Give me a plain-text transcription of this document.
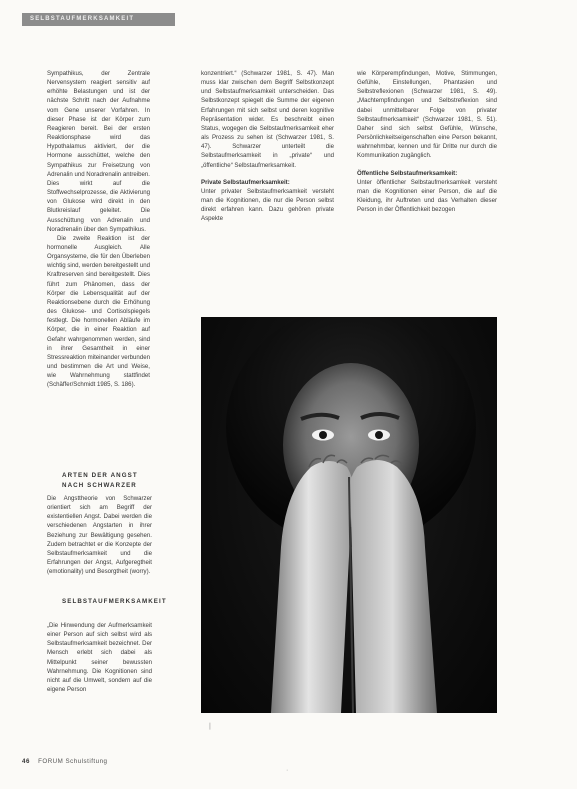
SELBSTAUFMERKSAMKEIT

Sympathikus, der Zentrale Nervensystem reagiert sensitiv auf erhöhte Belastungen und ist der nächste Schritt nach der Aufnahme vom Gene unserer Vorfahren. In dieser Phase ist der Körper zum Reagieren bereit. Bei der ersten Reaktionsphase wird das Hypothalamus aktiviert, der die Hormone ausschüttet, welche den Sympathikus zur Freisetzung von Adrenalin und Noradrenalin antreiben. Dies wirkt auf die Stoffwechselprozesse, die Aktivierung von Glukose wird direkt in den Blutkreislauf geleitet. Die Ausschüttung von Adrenalin und Noradrenalin über den Sympathikus.

Die zweite Reaktion ist der hormonelle Ausgleich. Alle Organsysteme, die für den Überleben wichtig sind, werden bereitgestellt und Kraftreserven sind bereitgestellt. Dies führt zum Phänomen, dass der Körper die Lebensqualität auf der Reaktionsebene durch die Erhöhung des Glukose- und Cortisolspiegels festlegt. Die hormonellen Abläufe im Körper, die in einer Reaktion auf Gefahr wahrgenommen werden, sind in ihrer Gesamtheit in einer Stressreaktion miteinander verbunden und bestimmen die Art und Weise, wie Wahrnehmung stattfindet (Schäffer/Schmidt 1985, S. 186).

ARTEN DER ANGST
NACH SCHWARZER

Die Angsttheorie von Schwarzer orientiert sich am Begriff der existentiellen Angst. Dabei werden die verschiedenen Angstarten in ihrer Beziehung zur Bewältigung gesehen. Zudem betrachtet er die Konzepte der Selbstaufmerksamkeit und die Erfahrungen der Angst, Aufgeregtheit (emotionality) und Besorgtheit (worry).

SELBSTAUFMERKSAMKEIT

„Die Hinwendung der Aufmerksamkeit einer Person auf sich selbst wird als Selbstaufmerksamkeit bezeichnet. Der Mensch erlebt sich dabei als Mittelpunkt seiner bewussten Wahrnehmung. Die Kognitionen sind nicht auf die Umwelt, sondern auf die eigene Person

konzentriert.“ (Schwarzer 1981, S. 47). Man muss klar zwischen dem Begriff Selbstkonzept und Selbstaufmerksamkeit unterscheiden. Das Selbstkonzept spiegelt die Summe der eigenen Erfahrungen mit sich selbst und deren kognitive Repräsentation wider. Es beschreibt einen Status, wogegen die Selbstaufmerksamkeit eher als Prozess zu sehen ist (Schwarzer 1981, S. 47). Schwarzer unterteilt die Selbstaufmerksamkeit in „private“ und „öffentliche“ Selbstaufmerksamkeit.

Private Selbstaufmerksamkeit:

Unter privater Selbstaufmerksamkeit versteht man die Kognitionen, die nur die Person selbst direkt erfahren kann. Dazu gehören private Aspekte

wie Körperempfindungen, Motive, Stimmungen, Gefühle, Einstellungen, Phantasien und Selbstreflexionen (Schwarzer 1981, S. 49). „Machtempfindungen und Selbstreflexion sind dabei unmittelbarer Folge von privater Selbstaufmerksamkeit“ (Schwarzer 1981, S. 51). Daher sind sich selbst Gefühle, Wünsche, Persönlichkeitseigenschaften eine Person bekannt, wahrnehmbar, kennen und für Dritte nur durch die Kommunikation zugänglich.

Öffentliche Selbstaufmerksamkeit:

Unter öffentlicher Selbstaufmerksamkeit versteht man die Kognitionen einer Person, die auf die Kleidung, ihr Auftreten und das Verhalten dieser Person in der Öffentlichkeit bezogen

❘
·
46 FORUM Schulstiftung
